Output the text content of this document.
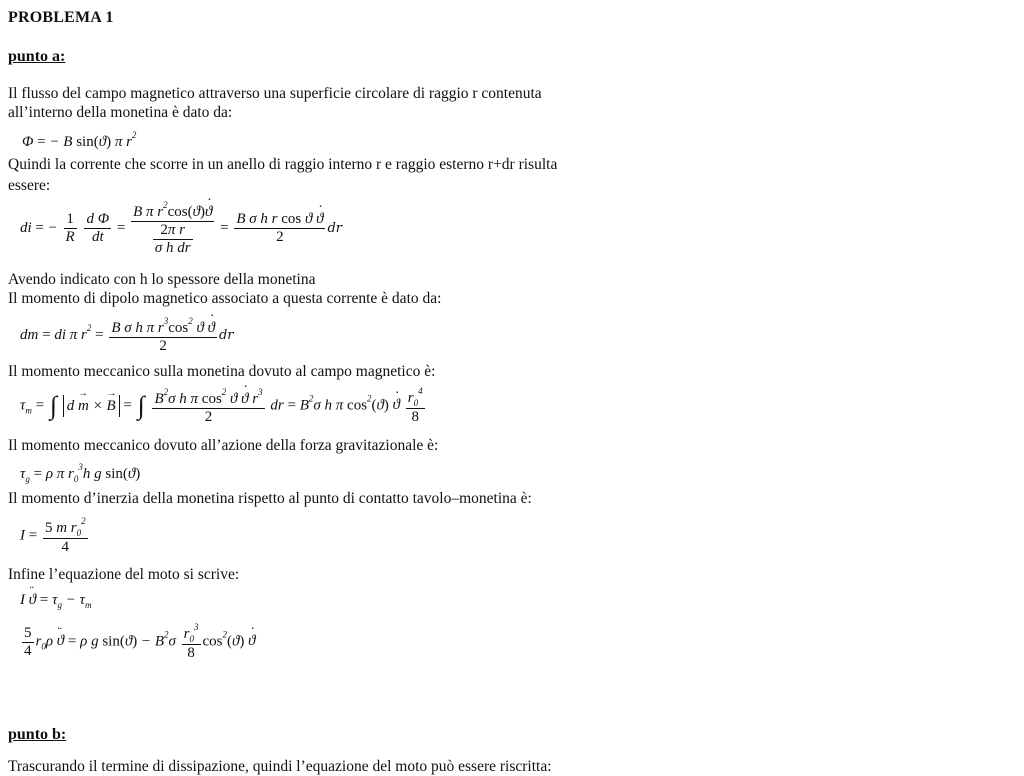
PROBLEMA 1
punto a:
Il flusso del campo magnetico attraverso una superficie circolare di raggio r contenuta
all’interno della monetina è dato da:
Φ = − B sin(ϑ) π $r^2$
Quindi la corrente che scorre in un anello di raggio interno r e raggio esterno r+dr risulta
essere:
di = − $\frac{1}{R}$
$\frac{\text{d Φ}}{dt} = \frac{B \pi r^2\cos(ϑ)ϑ \cdot}{\frac{\text{2π r}}{\text{σ h dr}}} = \frac{\text{B σ h r cos ϑ ϑ ·}}{2}$ dr
Avendo indicato con h lo spessore della monetina
Il momento di dipolo magnetico associato a questa corrente è dato da:
dm = di π $r^2 = \frac{B \sigma h \pi r^3\cos^2 ϑ ϑ \cdot}{2}$ dr
Il momento meccanico sulla monetina dovuto al campo magnetico è:
$\tau_m$ = ∫ d m → × B → = ∫ $\frac{B^2\sigma h \pi \cos^2 ϑ ϑ \cdot r^3}{2}$ dr = $B^2\sigma$ h π $\cos^2(ϑ) ϑ \cdot \frac{r_0^4}{8}$
Il momento meccanico dovuto all’azione della forza gravitazionale è:
$\tau_g = \rho$ π $r_0^3h$ g sin(ϑ)
Il momento d’inerzia della monetina rispetto al punto di contatto tavolo–monetina è:
$I = \frac{5 m r_0^2}{4}$
Infine l’equazione del moto si scrive:
I ϑ ¨ = $\tau_g - \tau_m$
$\frac{5}{4} r_0\rho$ ϑ ¨ = ρ g $\sin(ϑ) - B^2\sigma \frac{r_0^3}{8} \cos^2(ϑ) ϑ$ ·
punto b:
Trascurando il termine di dissipazione, quindi l’equazione del moto può essere riscritta:
